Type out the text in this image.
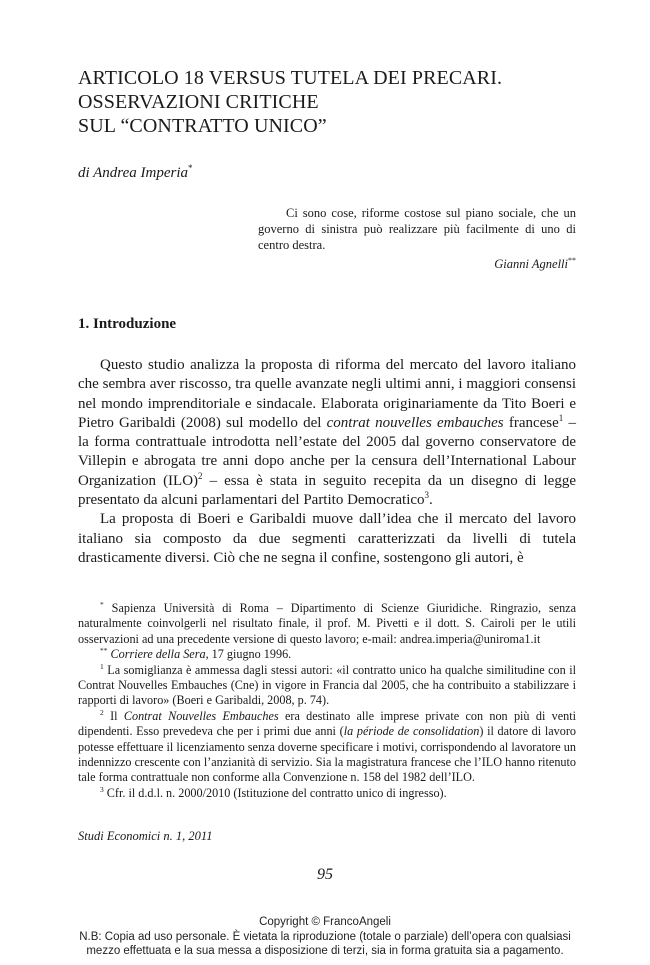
ARTICOLO 18 VERSUS TUTELA DEI PRECARI.
OSSERVAZIONI CRITICHE
SUL “CONTRATTO UNICO”
di Andrea Imperia*
Ci sono cose, riforme costose sul piano sociale, che un governo di sinistra può realizzare più facilmente di uno di centro destra.
Gianni Agnelli**
1. Introduzione

Questo studio analizza la proposta di riforma del mercato del lavoro italiano che sembra aver riscosso, tra quelle avanzate negli ultimi anni, i maggiori consensi nel mondo imprenditoriale e sindacale. Elaborata originariamente da Tito Boeri e Pietro Garibaldi (2008) sul modello del contrat nouvelles embauches francese$^1$ – la forma contrattuale introdotta nell’estate del 2005 dal governo conservatore de Villepin e abrogata tre anni dopo anche per la censura dell’International Labour Organization (ILO)$^2$ – essa è stata in seguito recepita da un disegno di legge presentato da alcuni parlamentari del Partito Democratico$^3$.

La proposta di Boeri e Garibaldi muove dall’idea che il mercato del lavoro italiano sia composto da due segmenti caratterizzati da livelli di tutela drasticamente diversi. Ciò che ne segna il confine, sostengono gli autori, è

* Sapienza Università di Roma – Dipartimento di Scienze Giuridiche. Ringrazio, senza naturalmente coinvolgerli nel risultato finale, il prof. M. Pivetti e il dott. S. Cairoli per le utili osservazioni ad una precedente versione di questo lavoro; e-mail: andrea.imperia@uniroma1.it

** Corriere della Sera, 17 giugno 1996.

$^1$ La somiglianza è ammessa dagli stessi autori: «il contratto unico ha qualche similitudine con il Contrat Nouvelles Embauches (Cne) in vigore in Francia dal 2005, che ha contribuito a stabilizzare i rapporti di lavoro» (Boeri e Garibaldi, 2008, p. 74).

$^2$ Il Contrat Nouvelles Embauches era destinato alle imprese private con non più di venti dipendenti. Esso prevedeva che per i primi due anni (la période de consolidation) il datore di lavoro potesse effettuare il licenziamento senza doverne specificare i motivi, corrispondendo al lavoratore un indennizzo crescente con l’anzianità di servizio. Sia la magistratura francese che l’ILO hanno ritenuto tale forma contrattuale non conforme alla Convenzione n. 158 del 1982 dell’ILO.

$^3$ Cfr. il d.d.l. n. 2000/2010 (Istituzione del contratto unico di ingresso).

Studi Economici n. 1, 2011
95
Copyright © FrancoAngeli
N.B: Copia ad uso personale. È vietata la riproduzione (totale o parziale) dell’opera con qualsiasi
mezzo effettuata e la sua messa a disposizione di terzi, sia in forma gratuita sia a pagamento.
